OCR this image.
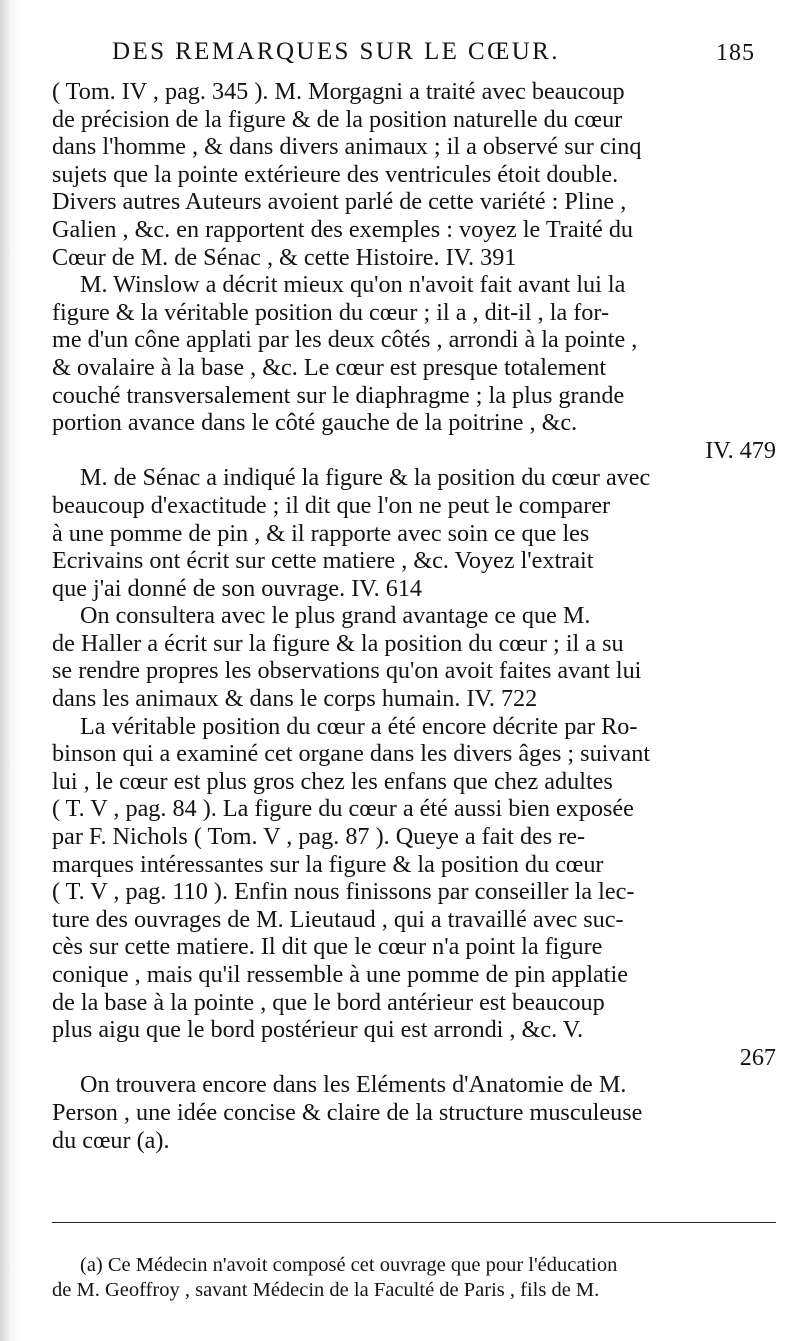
DES REMARQUES SUR LE CŒUR.	185
( Tom. IV , pag. 345 ). M. Morgagni a traité avec beaucoup
de précision de la figure & de la position naturelle du cœur
dans l'homme , & dans divers animaux ; il a observé sur cinq
sujets que la pointe extérieure des ventricules étoit double.
Divers autres Auteurs avoient parlé de cette variété : Pline ,
Galien , &c. en rapportent des exemples : voyez le Traité du
Cœur de M. de Sénac , & cette Histoire. IV. 391
M. Winslow a décrit mieux qu'on n'avoit fait avant lui la
figure & la véritable position du cœur ; il a , dit-il , la for-
me d'un cône applati par les deux côtés , arrondi à la pointe ,
& ovalaire à la base , &c. Le cœur est presque totalement
couché transversalement sur le diaphragme ; la plus grande
portion avance dans le côté gauche de la poitrine , &c.
IV. 479
M. de Sénac a indiqué la figure & la position du cœur avec
beaucoup d'exactitude ; il dit que l'on ne peut le comparer
à une pomme de pin , & il rapporte avec soin ce que les
Ecrivains ont écrit sur cette matiere , &c. Voyez l'extrait
que j'ai donné de son ouvrage. IV. 614
On consultera avec le plus grand avantage ce que M.
de Haller a écrit sur la figure & la position du cœur ; il a su
se rendre propres les observations qu'on avoit faites avant lui
dans les animaux & dans le corps humain. IV. 722
La véritable position du cœur a été encore décrite par Ro-
binson qui a examiné cet organe dans les divers âges ; suivant
lui , le cœur est plus gros chez les enfans que chez adultes
( T. V , pag. 84 ). La figure du cœur a été aussi bien exposée
par F. Nichols ( Tom. V , pag. 87 ). Queye a fait des re-
marques intéressantes sur la figure & la position du cœur
( T. V , pag. 110 ). Enfin nous finissons par conseiller la lec-
ture des ouvrages de M. Lieutaud , qui a travaillé avec suc-
cès sur cette matiere. Il dit que le cœur n'a point la figure
conique , mais qu'il ressemble à une pomme de pin applatie
de la base à la pointe , que le bord antérieur est beaucoup
plus aigu que le bord postérieur qui est arrondi , &c. V.
267
On trouvera encore dans les Eléments d'Anatomie de M.
Person , une idée concise & claire de la structure musculeuse
du cœur (a).
(a) Ce Médecin n'avoit composé cet ouvrage que pour l'éducation
de M. Geoffroy , savant Médecin de la Faculté de Paris , fils de M.
